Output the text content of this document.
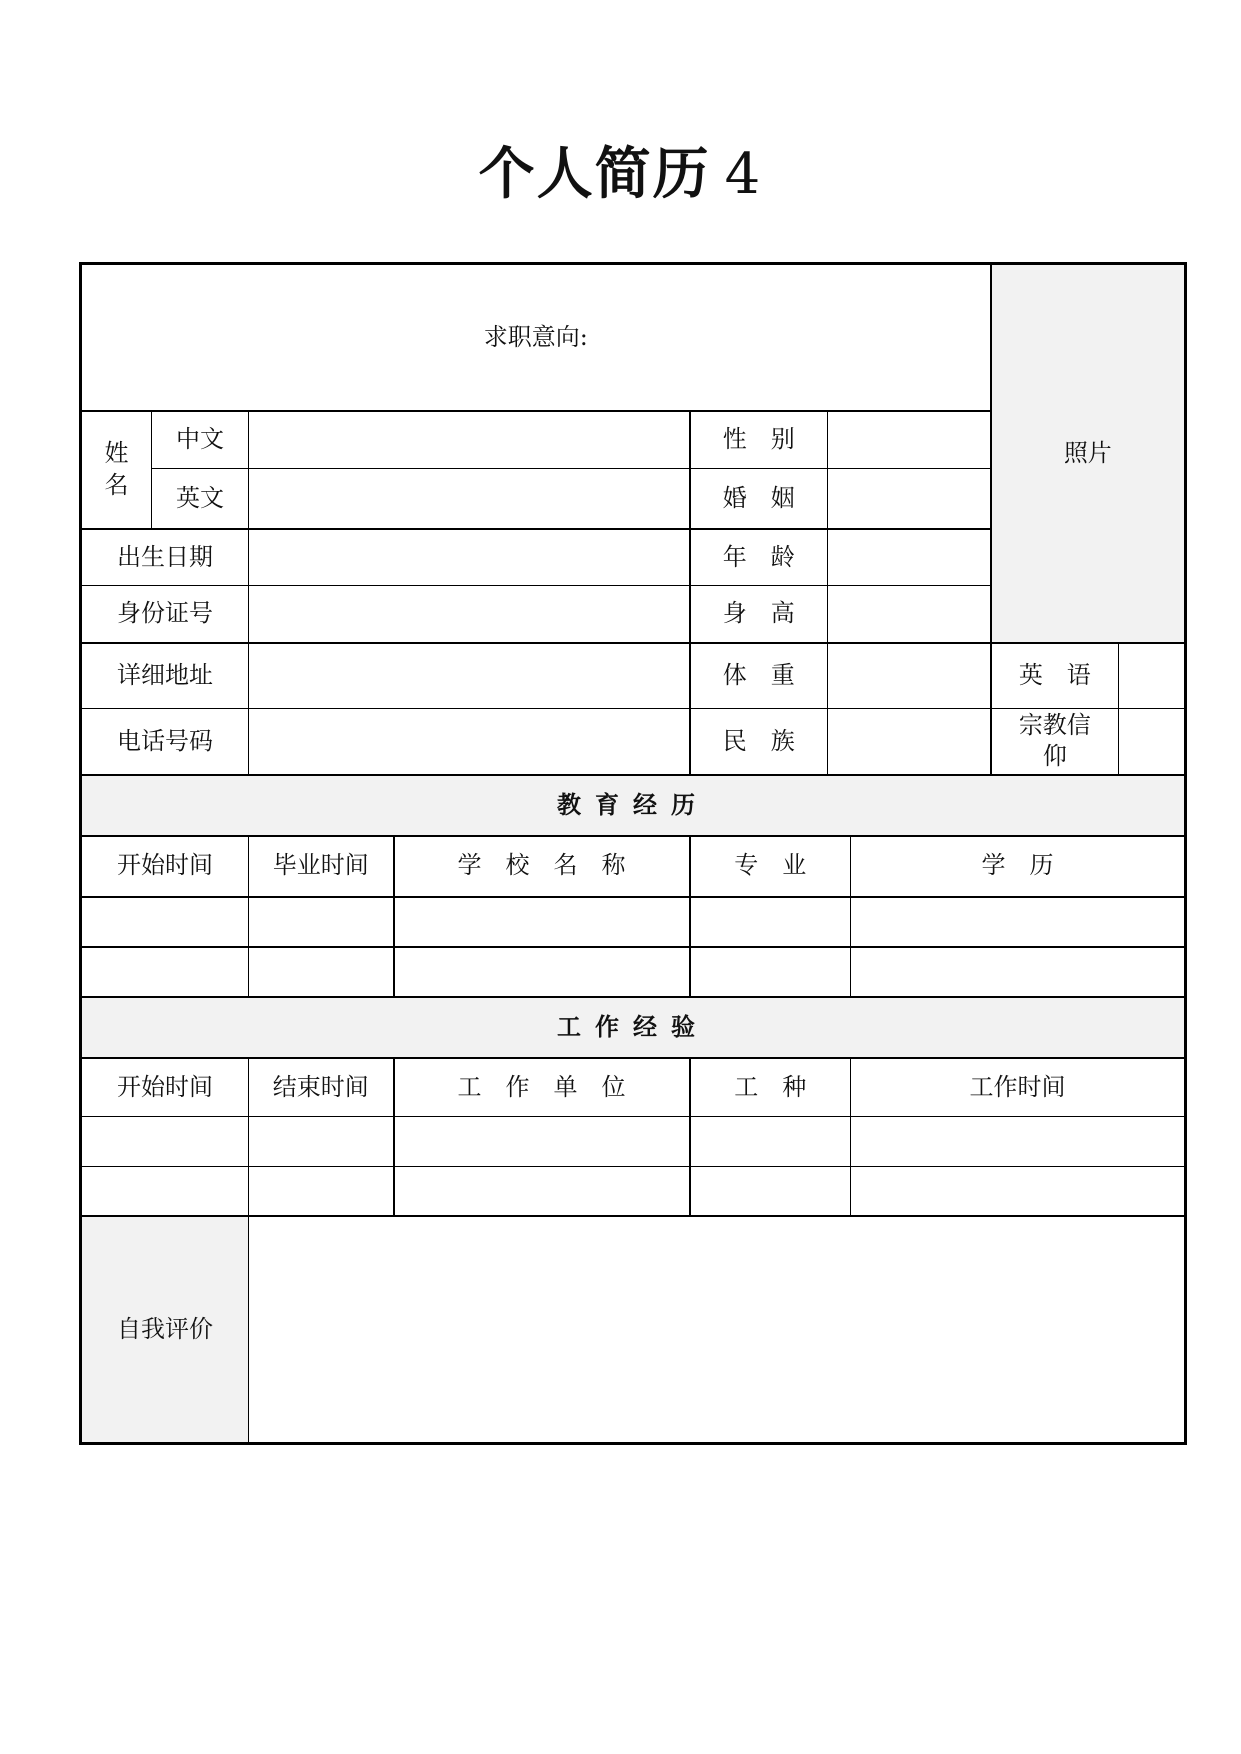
个人简历 4
求职意向:							照片	

姓名	中文			性　别				
	英文			婚　姻				
出生日期				年　龄				
身份证号				身　高				
详细地址				体　重			英　语	
电话号码				民　族			宗教信仰	

教育经历								
开始时间		毕业时间	学　校　名　称	专　业		学　历		

工作经验								
开始时间		结束时间	工　作　单　位	工　种		工作时间		

自我评价								
